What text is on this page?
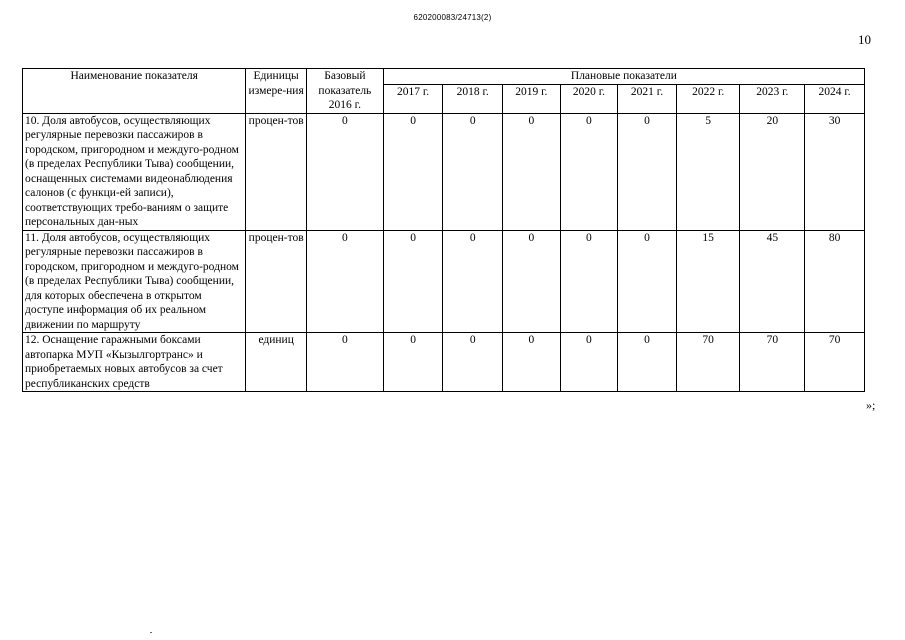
620200083/24713(2)
10
Наименование показателя	Единицы измере-ния	Базовый показатель 2016 г.	Плановые показатели							
			2017 г.	2018 г.	2019 г.	2020 г.	2021 г.	2022 г.	2023 г.	2024 г.
10. Доля автобусов, осуществляющих регулярные перевозки пассажиров в городском, пригородном и междуго-родном (в пределах Республики Тыва) сообщении, оснащенных системами видеонаблюдения салонов (с функци-ей записи), соответствующих требо-ваниям о защите персональных дан-ных	процен-тов	0	0	0	0	0	0	5	20	30
11. Доля автобусов, осуществляющих регулярные перевозки пассажиров в городском, пригородном и междуго-родном (в пределах Республики Тыва) сообщении, для которых обеспечена в открытом доступе информация об их реальном движении по маршруту	процен-тов	0	0	0	0	0	0	15	45	80
12. Оснащение гаражными боксами автопарка МУП «Кызылгортранс» и приобретаемых новых автобусов за счет республиканских средств	единиц	0	0	0	0	0	0	70	70	70
»;
